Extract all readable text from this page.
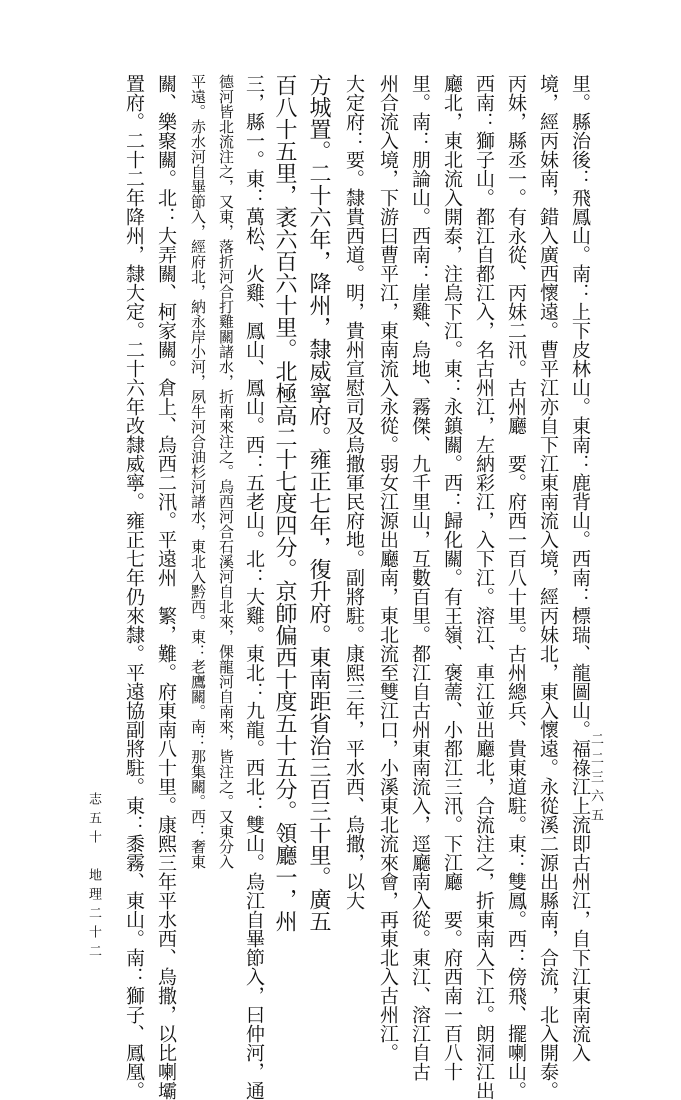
里。縣治後：飛鳳山。南：上下皮林山。東南：鹿背山。西南：標瑞、龍圖山。福祿江上流即古州江，自下江東南流入
境，經丙妹南，錯入廣西懷遠。曹平江亦自下江東南流入境，經丙妹北，東入懷遠。永從溪二源出縣南，合流，北入開泰。
丙妹，縣丞一。有永從、丙妹二汛。古州廳　要。府西一百八十里。古州總兵、貴東道駐。東：雙鳳。西：傍飛、擺喇山。
西南：獅子山。都江自都江入，名古州江，左納彩江，入下江。溶江、車江並出廳北，合流注之，折東南入下江。朗洞江出
廳北，東北流入開泰，注烏下江。東：永鎮關。西：歸化關。有王嶺、褒薷、小都江三汛。下江廳　要。府西南一百八十
里。南：朋論山。西南：崖雞、烏地、霧傑、九千里山，互數百里。都江自古州東南流入，逕廳南入從。東江、溶江自古
州合流入境，下游曰曹平江，東南流入永從。弱女江源出廳南，東北流至雙江口，小溪東北流來會，再東北入古州江。
大定府：要。隸貴西道。明，貴州宣慰司及烏撒軍民府地。副將駐。康熙三年，平水西、烏撒，以大
方城置。二十六年，降州，隸威寧府。雍正七年，復升府。東南距省治三百三十里。廣五
百八十五里，袤六百六十里。北極高二十七度四分。京師偏西十度五十五分。領廳一，州
三，縣一。東：萬松、火雞、鳳山、鳳山。西：五老山。北：大雞。東北：九龍。西北：雙山。烏江自畢節入，曰仲河，通
德河皆北流注之，又東，落折河合打雞關諸水，折南來注之。烏西河合石溪河自北來，倮龍河自南來，皆注之。又東分入
平遠。赤水河自畢節入，經府北，納永岸小河，夙牛河合油杉河諸水，東北入黔西。東：老鷹關。南：那集關。西：奢東
關、樂聚關。北：大弄關、柯家關。倉上、烏西二汛。平遠州　繁，難。府東南八十里。康熙三年平水西、烏撒，以比喇壩
置府。二十二年降州，隸大定。二十六年改隸威寧。雍正七年仍來隸。平遠協副將駐。東：黍霧、東山。南：獅子、鳳凰。
志五十　地理二十二
二二三六五
